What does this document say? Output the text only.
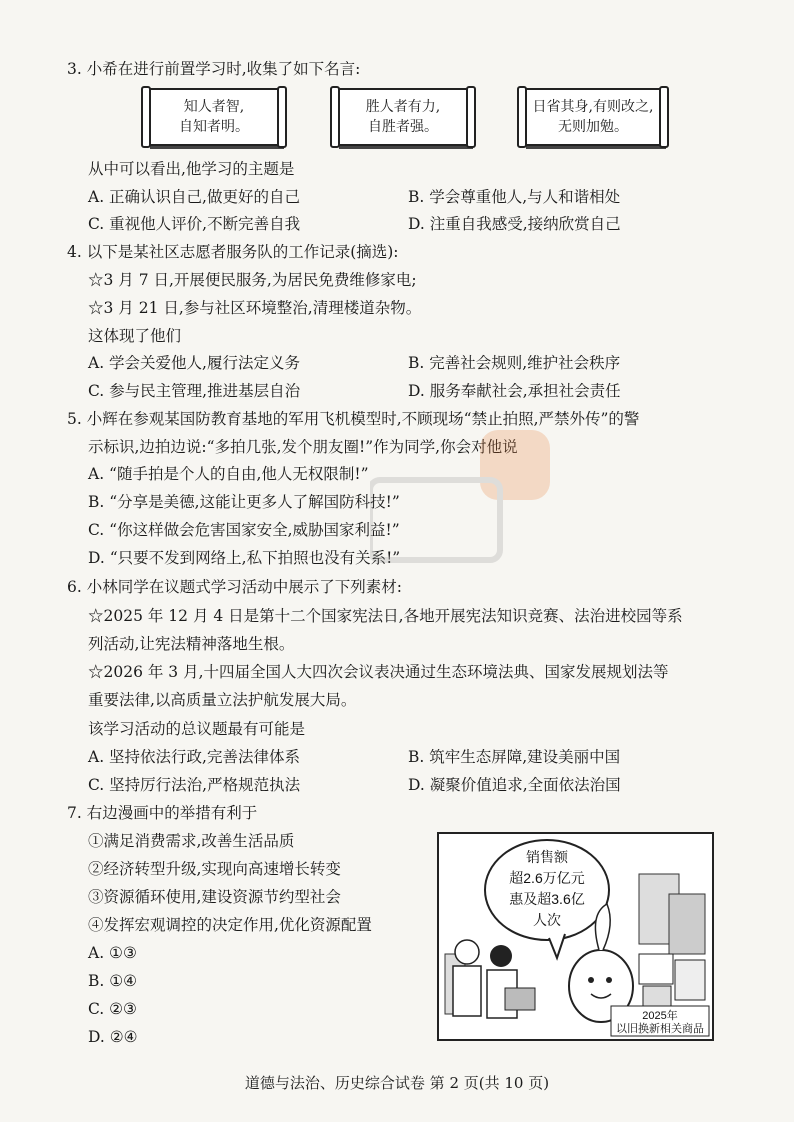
3. 小希在进行前置学习时,收集了如下名言:
知人者智,
自知者明。
胜人者有力,
自胜者强。
日省其身,有则改之,
无则加勉。
从中可以看出,他学习的主题是
A. 正确认识自己,做更好的自己	B. 学会尊重他人,与人和谐相处
C. 重视他人评价,不断完善自我	D. 注重自我感受,接纳欣赏自己
4. 以下是某社区志愿者服务队的工作记录(摘选):
☆3 月 7 日,开展便民服务,为居民免费维修家电;
☆3 月 21 日,参与社区环境整治,清理楼道杂物。
这体现了他们
A. 学会关爱他人,履行法定义务	B. 完善社会规则,维护社会秩序
C. 参与民主管理,推进基层自治	D. 服务奉献社会,承担社会责任
5. 小辉在参观某国防教育基地的军用飞机模型时,不顾现场“禁止拍照,严禁外传”的警
示标识,边拍边说:“多拍几张,发个朋友圈!”作为同学,你会对他说
A. “随手拍是个人的自由,他人无权限制!”
B. “分享是美德,这能让更多人了解国防科技!”
C. “你这样做会危害国家安全,威胁国家利益!”
D. “只要不发到网络上,私下拍照也没有关系!”
6. 小林同学在议题式学习活动中展示了下列素材:
☆2025 年 12 月 4 日是第十二个国家宪法日,各地开展宪法知识竞赛、法治进校园等系
列活动,让宪法精神落地生根。
☆2026 年 3 月,十四届全国人大四次会议表决通过生态环境法典、国家发展规划法等
重要法律,以高质量立法护航发展大局。
该学习活动的总议题最有可能是
A. 坚持依法行政,完善法律体系	B. 筑牢生态屏障,建设美丽中国
C. 坚持厉行法治,严格规范执法	D. 凝聚价值追求,全面依法治国
7. 右边漫画中的举措有利于
①满足消费需求,改善生活品质
②经济转型升级,实现向高速增长转变
③资源循环使用,建设资源节约型社会
④发挥宏观调控的决定作用,优化资源配置
A. ①③
B. ①④
C. ②③
D. ②④
销售额
超2.6万亿元
惠及超3.6亿
人次
2025年
以旧换新相关商品
道德与法治、历史综合试卷 第 2 页(共 10 页)
